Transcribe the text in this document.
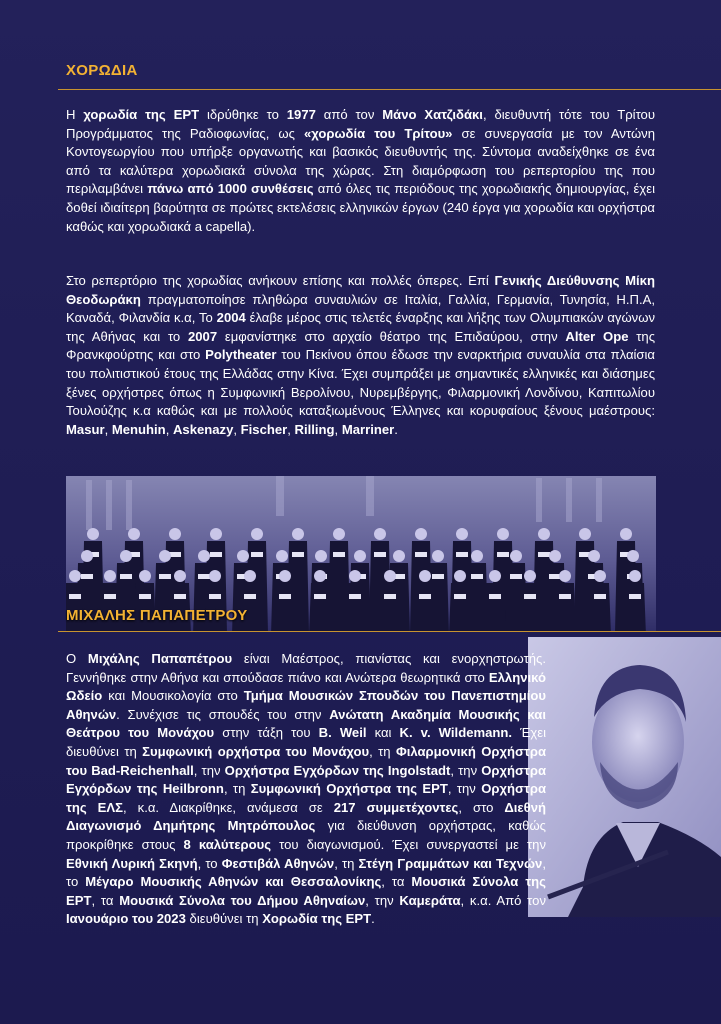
ΧΟΡΩΔΙΑ
Η χορωδία της ΕΡΤ ιδρύθηκε το 1977 από τον Μάνο Χατζιδάκι, διευθυντή τότε του Τρίτου Προγράμματος της Ραδιοφωνίας, ως «χορωδία του Τρίτου» σε συνεργασία με τον Αντώνη Κοντογεωργίου που υπήρξε οργανωτής και βασικός διευθυντής της. Σύντομα αναδείχθηκε σε ένα από τα καλύτερα χορωδιακά σύνολα της χώρας. Στη διαμόρφωση του ρεπερτορίου της που περιλαμβάνει πάνω από 1000 συνθέσεις από όλες τις περιόδους της χορωδιακής δημιουργίας, έχει δοθεί ιδιαίτερη βαρύτητα σε πρώτες εκτελέσεις ελληνικών έργων (240 έργα για χορωδία και ορχήστρα καθώς και χορωδιακά a capella).
Στο ρεπερτόριο της χορωδίας ανήκουν επίσης και πολλές όπερες. Επί Γενικής Διεύθυνσης Μίκη Θεοδωράκη πραγματοποίησε πληθώρα συναυλιών σε Ιταλία, Γαλλία, Γερμανία, Τυνησία, Η.Π.Α, Καναδά, Φιλανδία κ.α, Το 2004 έλαβε μέρος στις τελετές έναρξης και λήξης των Ολυμπιακών αγώνων της Αθήνας και το 2007 εμφανίστηκε στο αρχαίο θέατρο της Επιδαύρου, στην Alter Ope της Φρανκφούρτης και στο Polytheater του Πεκίνου όπου έδωσε την εναρκτήρια συναυλία στα πλαίσια του πολιτιστικού έτους της Ελλάδας στην Κίνα. Έχει συμπράξει με σημαντικές ελληνικές και διάσημες ξένες ορχήστρες όπως η Συμφωνική Βερολίνου, Νυρεμβέργης, Φιλαρμονική Λονδίνου, Καπιτωλίου Τουλούζης κ.α καθώς και με πολλούς καταξιωμένους Έλληνες και κορυφαίους ξένους μαέστρους: Masur, Menuhin, Askenazy, Fischer, Rilling, Marriner.
ΜΙΧΑΛΗΣ ΠΑΠΑΠΕΤΡΟΥ
Ο Μιχάλης Παπαπέτρου είναι Μαέστρος, πιανίστας και ενορχηστρωτής. Γεννήθηκε στην Αθήνα και σπούδασε πιάνο και Ανώτερα θεωρητικά στο Ελληνικό Ωδείο και Μουσικολογία στο Τμήμα Μουσικών Σπουδών του Πανεπιστημίου Αθηνών. Συνέχισε τις σπουδές του στην Ανώτατη Ακαδημία Μουσικής και Θεάτρου του Μονάχου στην τάξη του B. Weil και K. v. Wildemann. Έχει διευθύνει τη Συμφωνική ορχήστρα του Μονάχου, τη Φιλαρμονική Ορχήστρα του Bad-Reichenhall, την Ορχήστρα Εγχόρδων της Ingolstadt, την Ορχήστρα Εγχόρδων της Heilbronn, τη Συμφωνική Ορχήστρα της ΕΡΤ, την Ορχήστρα της ΕΛΣ, κ.α. Διακρίθηκε, ανάμεσα σε 217 συμμετέχοντες, στο Διεθνή Διαγωνισμό Δημήτρης Μητρόπουλος για διεύθυνση ορχήστρας, καθώς προκρίθηκε στους 8 καλύτερους του διαγωνισμού. Έχει συνεργαστεί με την Εθνική Λυρική Σκηνή, το Φεστιβάλ Αθηνών, τη Στέγη Γραμμάτων και Τεχνών, το Μέγαρο Μουσικής Αθηνών και Θεσσαλονίκης, τα Μουσικά Σύνολα της ΕΡΤ, τα Μουσικά Σύνολα του Δήμου Αθηναίων, την Καμεράτα, κ.α. Από τον Ιανουάριο του 2023 διευθύνει τη Χορωδία της ΕΡΤ.
